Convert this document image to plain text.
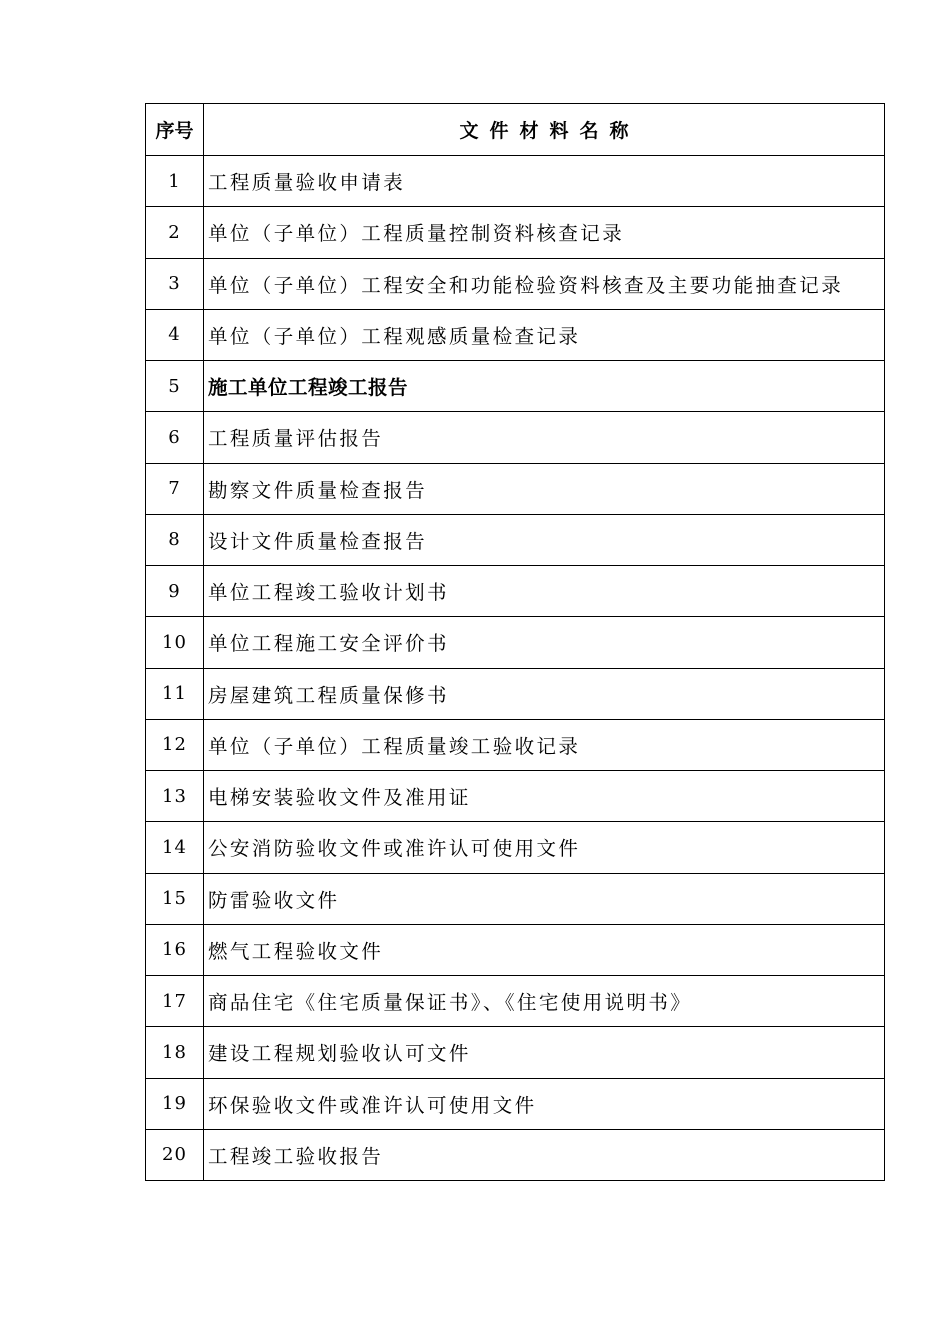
序号	文件材料名称
1	工程质量验收申请表
2	单位（子单位）工程质量控制资料核查记录
3	单位（子单位）工程安全和功能检验资料核查及主要功能抽查记录
4	单位（子单位）工程观感质量检查记录
5	施工单位工程竣工报告
6	工程质量评估报告
7	勘察文件质量检查报告
8	设计文件质量检查报告
9	单位工程竣工验收计划书
10	单位工程施工安全评价书
11	房屋建筑工程质量保修书
12	单位（子单位）工程质量竣工验收记录
13	电梯安装验收文件及准用证
14	公安消防验收文件或准许认可使用文件
15	防雷验收文件
16	燃气工程验收文件
17	商品住宅《住宅质量保证书》、《住宅使用说明书》
18	建设工程规划验收认可文件
19	环保验收文件或准许认可使用文件
20	工程竣工验收报告
